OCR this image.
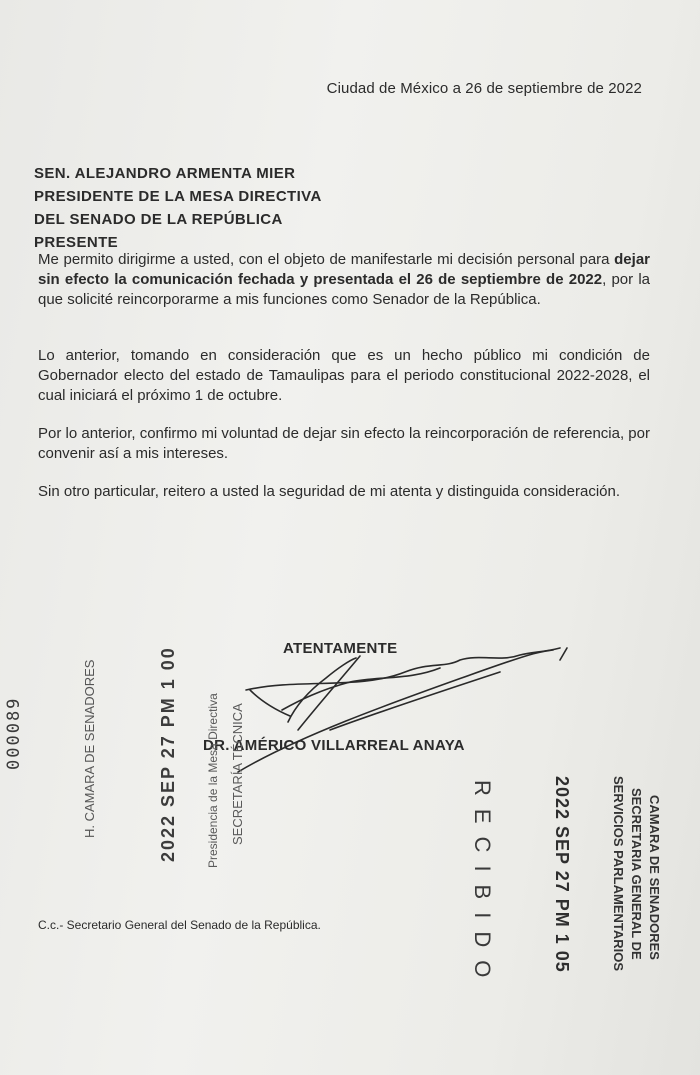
Ciudad de México a 26 de septiembre de 2022
SEN. ALEJANDRO ARMENTA MIER
PRESIDENTE DE LA MESA DIRECTIVA
DEL SENADO DE LA REPÚBLICA
PRESENTE
Me permito dirigirme a usted, con el objeto de manifestarle mi decisión personal para dejar sin efecto la comunicación fechada y presentada el 26 de septiembre de 2022, por la que solicité reincorporarme a mis funciones como Senador de la República.
Lo anterior, tomando en consideración que es un hecho público mi condición de Gobernador electo del estado de Tamaulipas para el periodo constitucional 2022-2028, el cual iniciará el próximo 1 de octubre.
Por lo anterior, confirmo mi voluntad de dejar sin efecto la reincorporación de referencia, por convenir así a mis intereses.
Sin otro particular, reitero a usted la seguridad de mi atenta y distinguida consideración.
ATENTAMENTE
DR. AMÉRICO VILLARREAL ANAYA
C.c.- Secretario General del Senado de la República.
000089	H. CAMARA DE SENADORES	2022 SEP 27 PM 1 00 Presidencia de la Mesa Directiva SECRETARÍA TÉCNICA
RECIBIDO	2022 SEP 27 PM 1 05	CAMARA DE SENADORES
SECRETARIA GENERAL DE
SERVICIOS PARLAMENTARIOS
